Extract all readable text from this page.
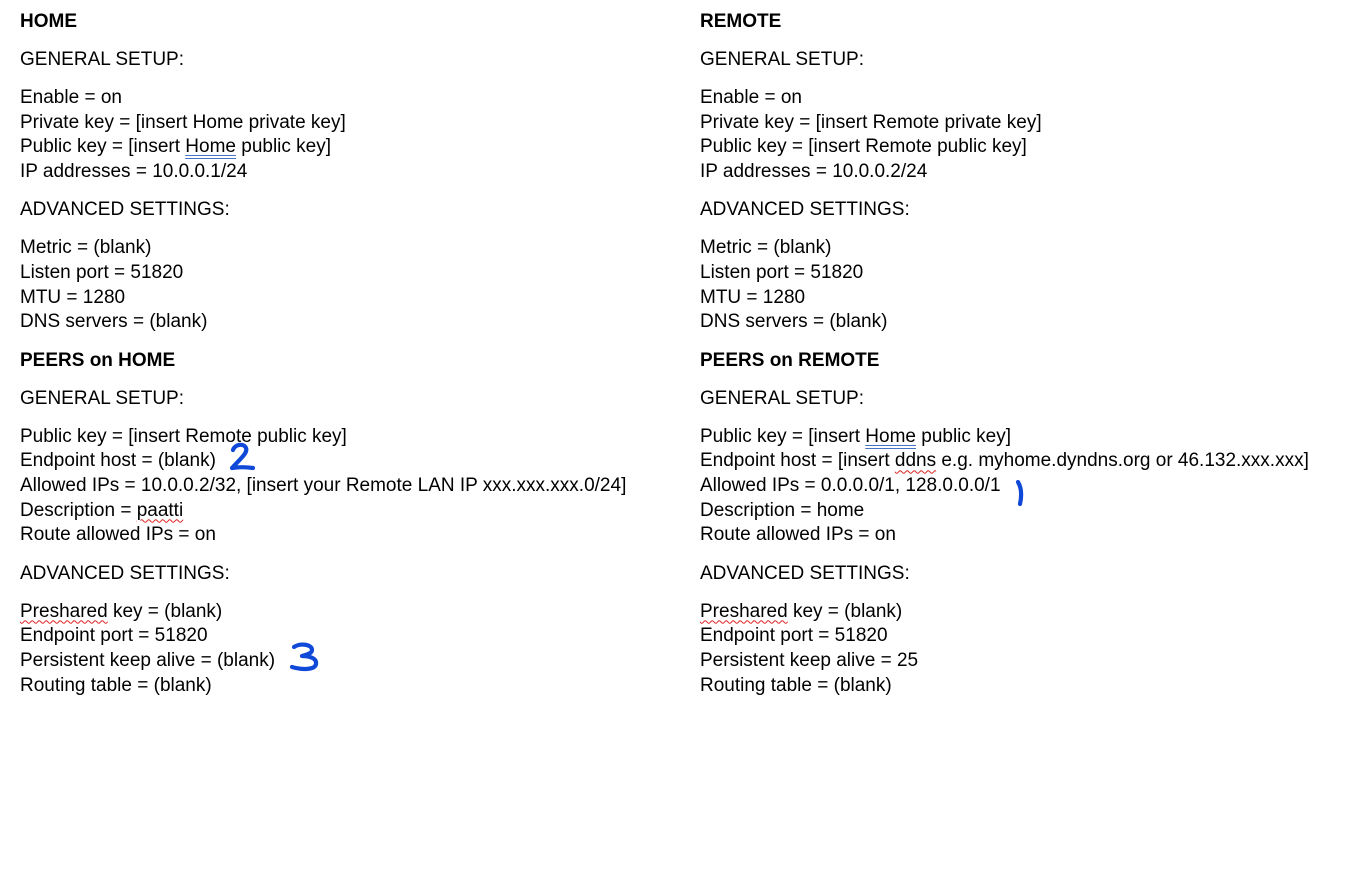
HOME
GENERAL SETUP:
Enable = on
Private key = [insert Home private key]
Public key = [insert Home public key]
IP addresses = 10.0.0.1/24
ADVANCED SETTINGS:
Metric = (blank)
Listen port = 51820
MTU = 1280
DNS servers = (blank)
PEERS on HOME
GENERAL SETUP:
Public key = [insert Remote public key]
Endpoint host = (blank)
Allowed IPs = 10.0.0.2/32, [insert your Remote LAN IP xxx.xxx.xxx.0/24]
Description = paatti
Route allowed IPs = on
ADVANCED SETTINGS:
Preshared key = (blank)
Endpoint port = 51820
Persistent keep alive = (blank)
Routing table = (blank)
REMOTE
GENERAL SETUP:
Enable = on
Private key = [insert Remote private key]
Public key = [insert Remote public key]
IP addresses = 10.0.0.2/24
ADVANCED SETTINGS:
Metric = (blank)
Listen port = 51820
MTU = 1280
DNS servers = (blank)
PEERS on REMOTE
GENERAL SETUP:
Public key = [insert Home public key]
Endpoint host = [insert ddns e.g. myhome.dyndns.org or 46.132.xxx.xxx]
Allowed IPs = 0.0.0.0/1, 128.0.0.0/1
Description = home
Route allowed IPs = on
ADVANCED SETTINGS:
Preshared key = (blank)
Endpoint port = 51820
Persistent keep alive = 25
Routing table = (blank)
